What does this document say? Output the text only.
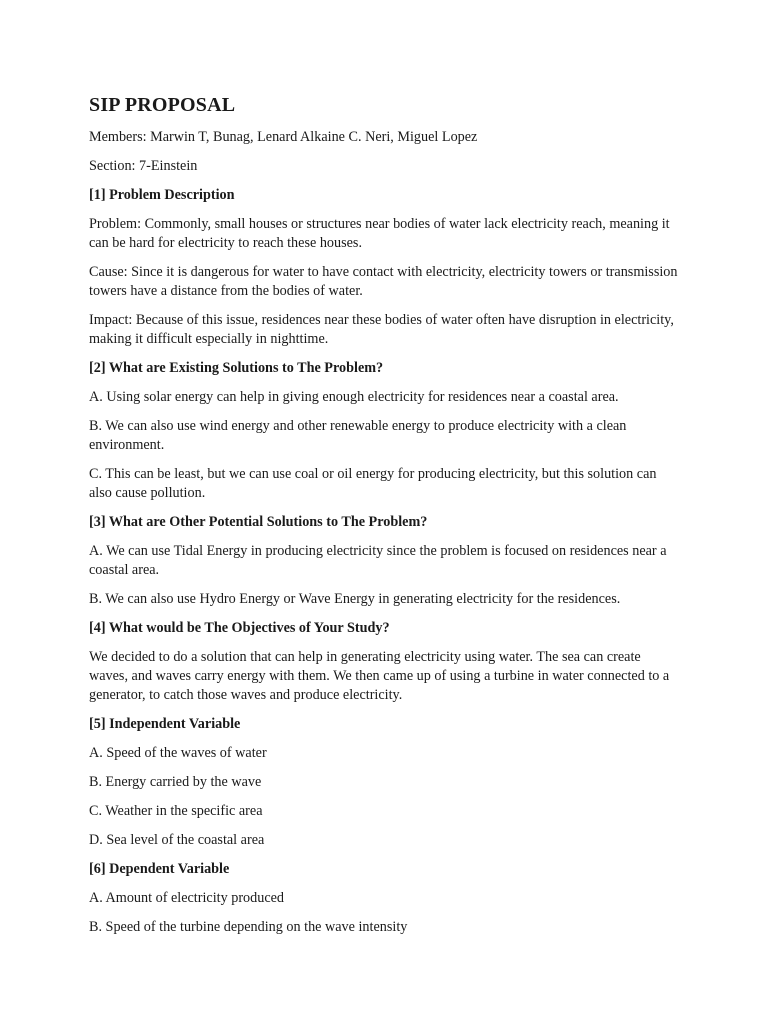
SIP PROPOSAL
Members: Marwin T, Bunag, Lenard Alkaine C. Neri, Miguel Lopez
Section: 7-Einstein
[1] Problem Description
Problem: Commonly, small houses or structures near bodies of water lack electricity reach, meaning it can be hard for electricity to reach these houses.
Cause: Since it is dangerous for water to have contact with electricity, electricity towers or transmission towers have a distance from the bodies of water.
Impact: Because of this issue, residences near these bodies of water often have disruption in electricity, making it difficult especially in nighttime.
[2] What are Existing Solutions to The Problem?
A. Using solar energy can help in giving enough electricity for residences near a coastal area.
B. We can also use wind energy and other renewable energy to produce electricity with a clean environment.
C. This can be least, but we can use coal or oil energy for producing electricity, but this solution can also cause pollution.
[3] What are Other Potential Solutions to The Problem?
A. We can use Tidal Energy in producing electricity since the problem is focused on residences near a coastal area.
B. We can also use Hydro Energy or Wave Energy in generating electricity for the residences.
[4] What would be The Objectives of Your Study?
We decided to do a solution that can help in generating electricity using water. The sea can create waves, and waves carry energy with them. We then came up of using a turbine in water connected to a generator, to catch those waves and produce electricity.
[5] Independent Variable
A. Speed of the waves of water
B. Energy carried by the wave
C. Weather in the specific area
D. Sea level of the coastal area
[6] Dependent Variable
A. Amount of electricity produced
B. Speed of the turbine depending on the wave intensity
